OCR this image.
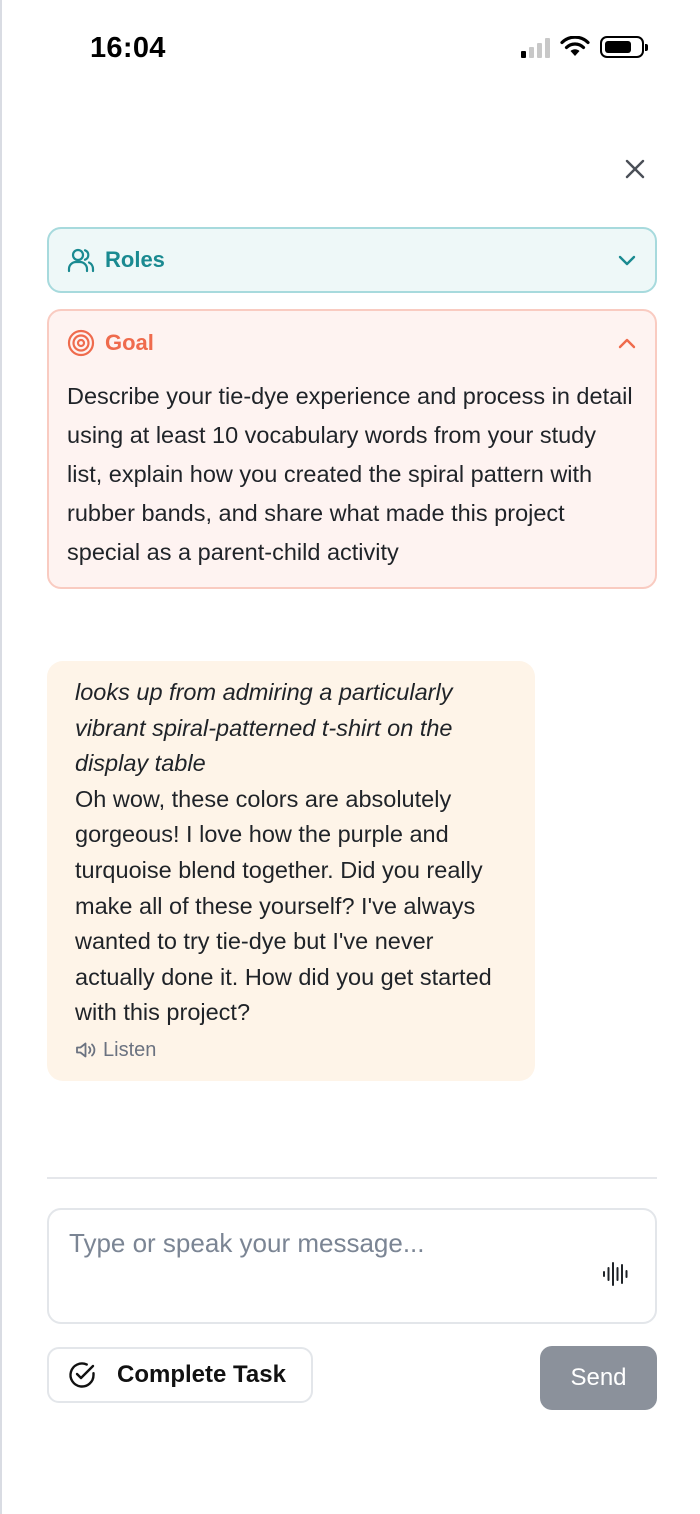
16:04
Roles
Goal
Describe your tie-dye experience and process in detail using at least 10 vocabulary words from your study list, explain how you created the spiral pattern with rubber bands, and share what made this project special as a parent-child activity
looks up from admiring a particularly vibrant spiral-patterned t-shirt on the display table
Oh wow, these colors are absolutely gorgeous! I love how the purple and turquoise blend together. Did you really make all of these yourself? I've always wanted to try tie-dye but I've never actually done it. How did you get started with this project?
Listen
Type or speak your message...
Complete Task	Send
